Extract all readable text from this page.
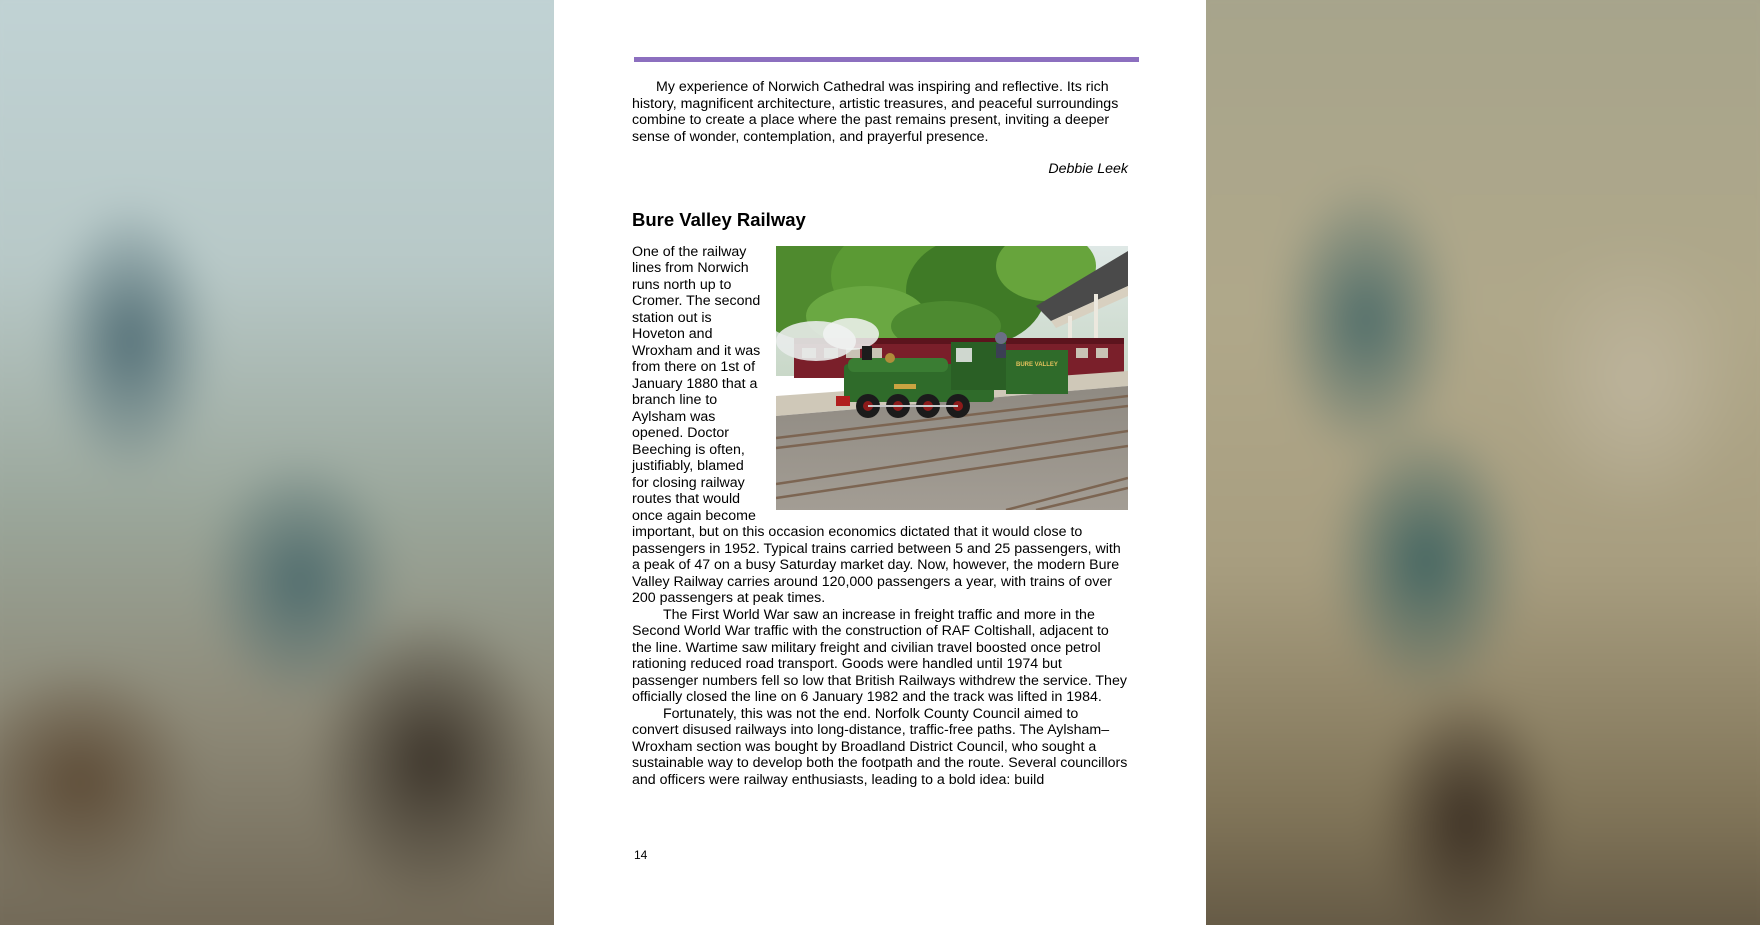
My experience of Norwich Cathedral was inspiring and reflective. Its rich history, magnificent architecture, artistic treasures, and peaceful surroundings combine to create a place where the past remains present, inviting a deeper sense of wonder, contemplation, and prayerful presence.

Debbie Leek

Bure Valley Railway
BURE VALLEY

One of the railway lines from Norwich runs north up to Cromer. The second station out is Hoveton and Wroxham and it was from there on 1st of January 1880 that a branch line to Aylsham was opened. Doctor Beeching is often, justifiably, blamed for closing railway routes that would once again become important, but on this occasion economics dictated that it would close to passengers in 1952. Typical trains carried between 5 and 25 passengers, with a peak of 47 on a busy Saturday market day. Now, however, the modern Bure Valley Railway carries around 120,000 passengers a year, with trains of over 200 passengers at peak times.

The First World War saw an increase in freight traffic and more in the Second World War traffic with the construction of RAF Coltishall, adjacent to the line. Wartime saw military freight and civilian travel boosted once petrol rationing reduced road transport. Goods were handled until 1974 but passenger numbers fell so low that British Railways withdrew the service. They officially closed the line on 6 January 1982 and the track was lifted in 1984.

Fortunately, this was not the end. Norfolk County Council aimed to convert disused railways into long-distance, traffic-free paths. The Aylsham–Wroxham section was bought by Broadland District Council, who sought a sustainable way to develop both the footpath and the route. Several councillors and officers were railway enthusiasts, leading to a bold idea: build

14
